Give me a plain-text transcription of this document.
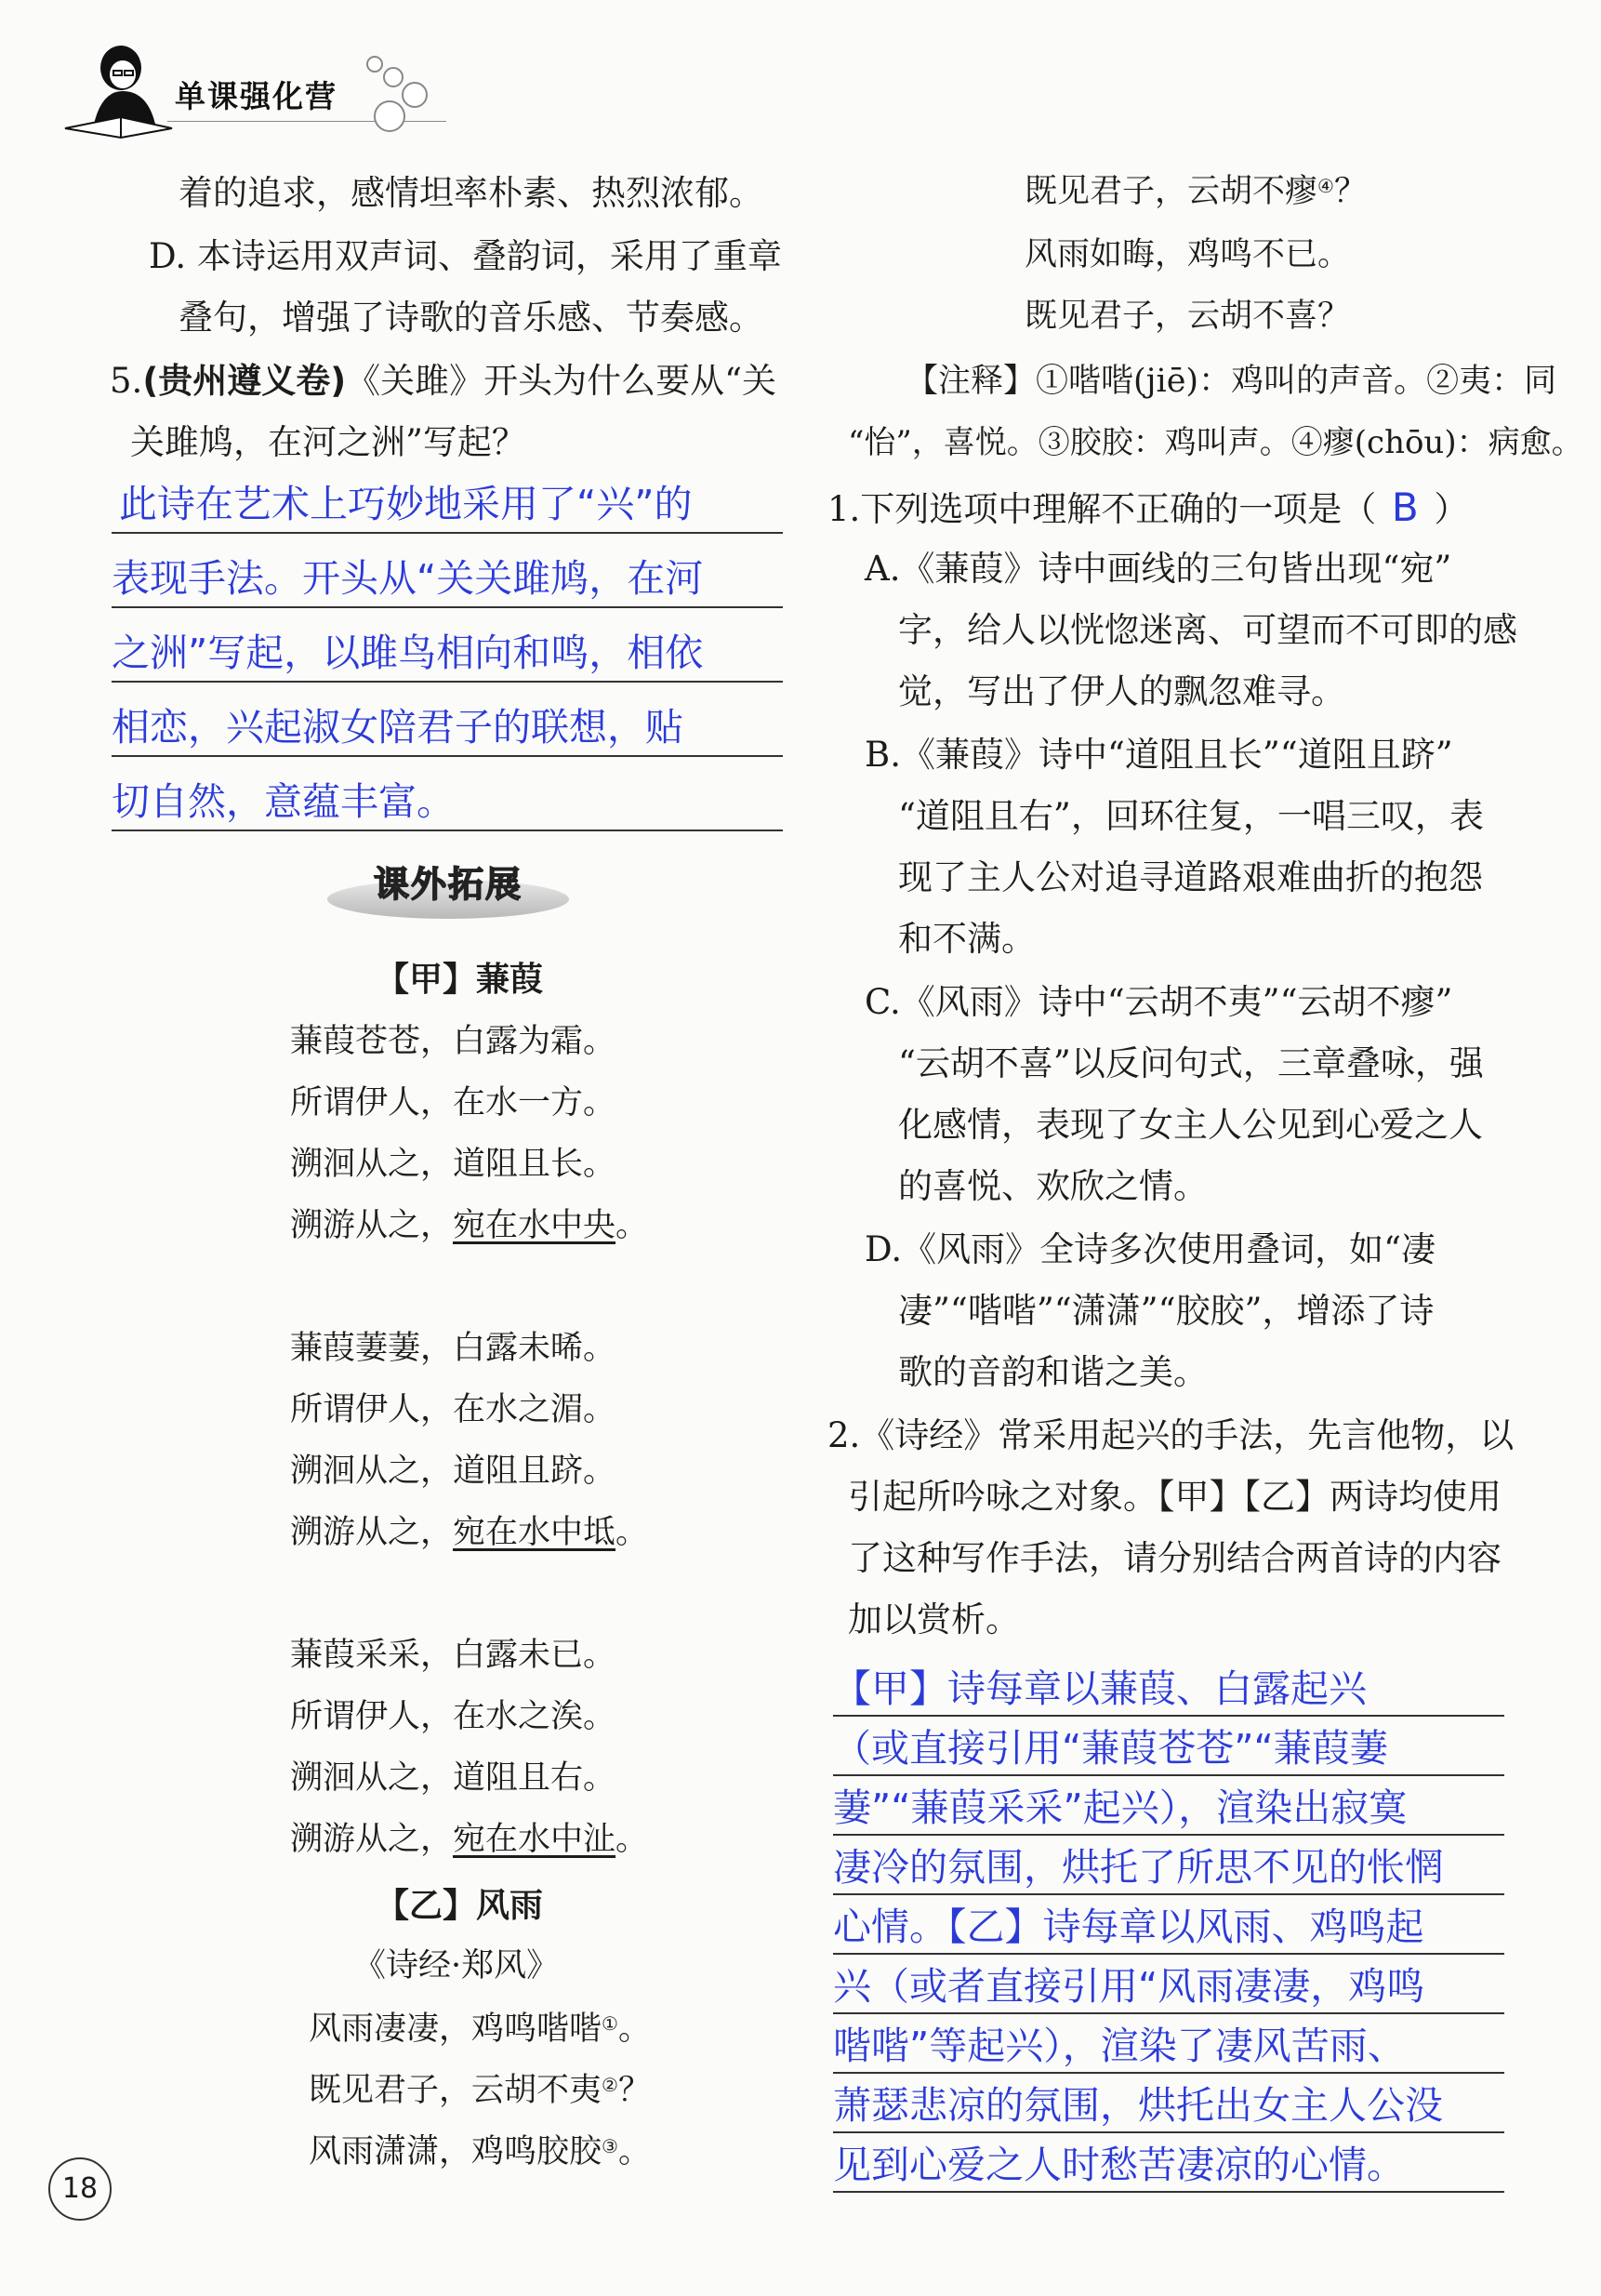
单课强化营
着的追求，感情坦率朴素、热烈浓郁。
D. 本诗运用双声词、叠韵词，采用了重章
叠句，增强了诗歌的音乐感、节奏感。
5.(贵州遵义卷)《关雎》开头为什么要从“关
关雎鸠，在河之洲”写起？
此诗在艺术上巧妙地采用了“兴”的
表现手法。开头从“关关雎鸠，在河
之洲”写起，以雎鸟相向和鸣，相依
相恋，兴起淑女陪君子的联想，贴
切自然，意蕴丰富。
课外拓展
【甲】蒹葭
蒹葭苍苍，白露为霜。
所谓伊人，在水一方。
溯洄从之，道阻且长。
溯游从之，宛在水中央。
蒹葭萋萋，白露未晞。
所谓伊人，在水之湄。
溯洄从之，道阻且跻。
溯游从之，宛在水中坻。
蒹葭采采，白露未已。
所谓伊人，在水之涘。
溯洄从之，道阻且右。
溯游从之，宛在水中沚。
【乙】风雨
《诗经·郑风》
风雨凄凄，鸡鸣喈喈①。
既见君子，云胡不夷②？
风雨潇潇，鸡鸣胶胶③。
18
既见君子，云胡不瘳④？
风雨如晦，鸡鸣不已。
既见君子，云胡不喜？
【注释】①喈喈(jiē)：鸡叫的声音。②夷：同
“怡”，喜悦。③胶胶：鸡叫声。④瘳(chōu)：病愈。
1.下列选项中理解不正确的一项是（ B ）
A.《蒹葭》诗中画线的三句皆出现“宛”
字，给人以恍惚迷离、可望而不可即的感
觉，写出了伊人的飘忽难寻。
B.《蒹葭》诗中“道阻且长”“道阻且跻”
“道阻且右”，回环往复，一唱三叹，表
现了主人公对追寻道路艰难曲折的抱怨
和不满。
C.《风雨》诗中“云胡不夷”“云胡不瘳”
“云胡不喜”以反问句式，三章叠咏，强
化感情，表现了女主人公见到心爱之人
的喜悦、欢欣之情。
D.《风雨》全诗多次使用叠词，如“凄
凄”“喈喈”“潇潇”“胶胶”，增添了诗
歌的音韵和谐之美。
2.《诗经》常采用起兴的手法，先言他物，以
引起所吟咏之对象。【甲】【乙】两诗均使用
了这种写作手法，请分别结合两首诗的内容
加以赏析。
【甲】诗每章以蒹葭、白露起兴
（或直接引用“蒹葭苍苍”“蒹葭萋
萋”“蒹葭采采”起兴），渲染出寂寞
凄冷的氛围，烘托了所思不见的怅惘
心情。【乙】诗每章以风雨、鸡鸣起
兴（或者直接引用“风雨凄凄，鸡鸣
喈喈”等起兴），渲染了凄风苦雨、
萧瑟悲凉的氛围，烘托出女主人公没
见到心爱之人时愁苦凄凉的心情。
